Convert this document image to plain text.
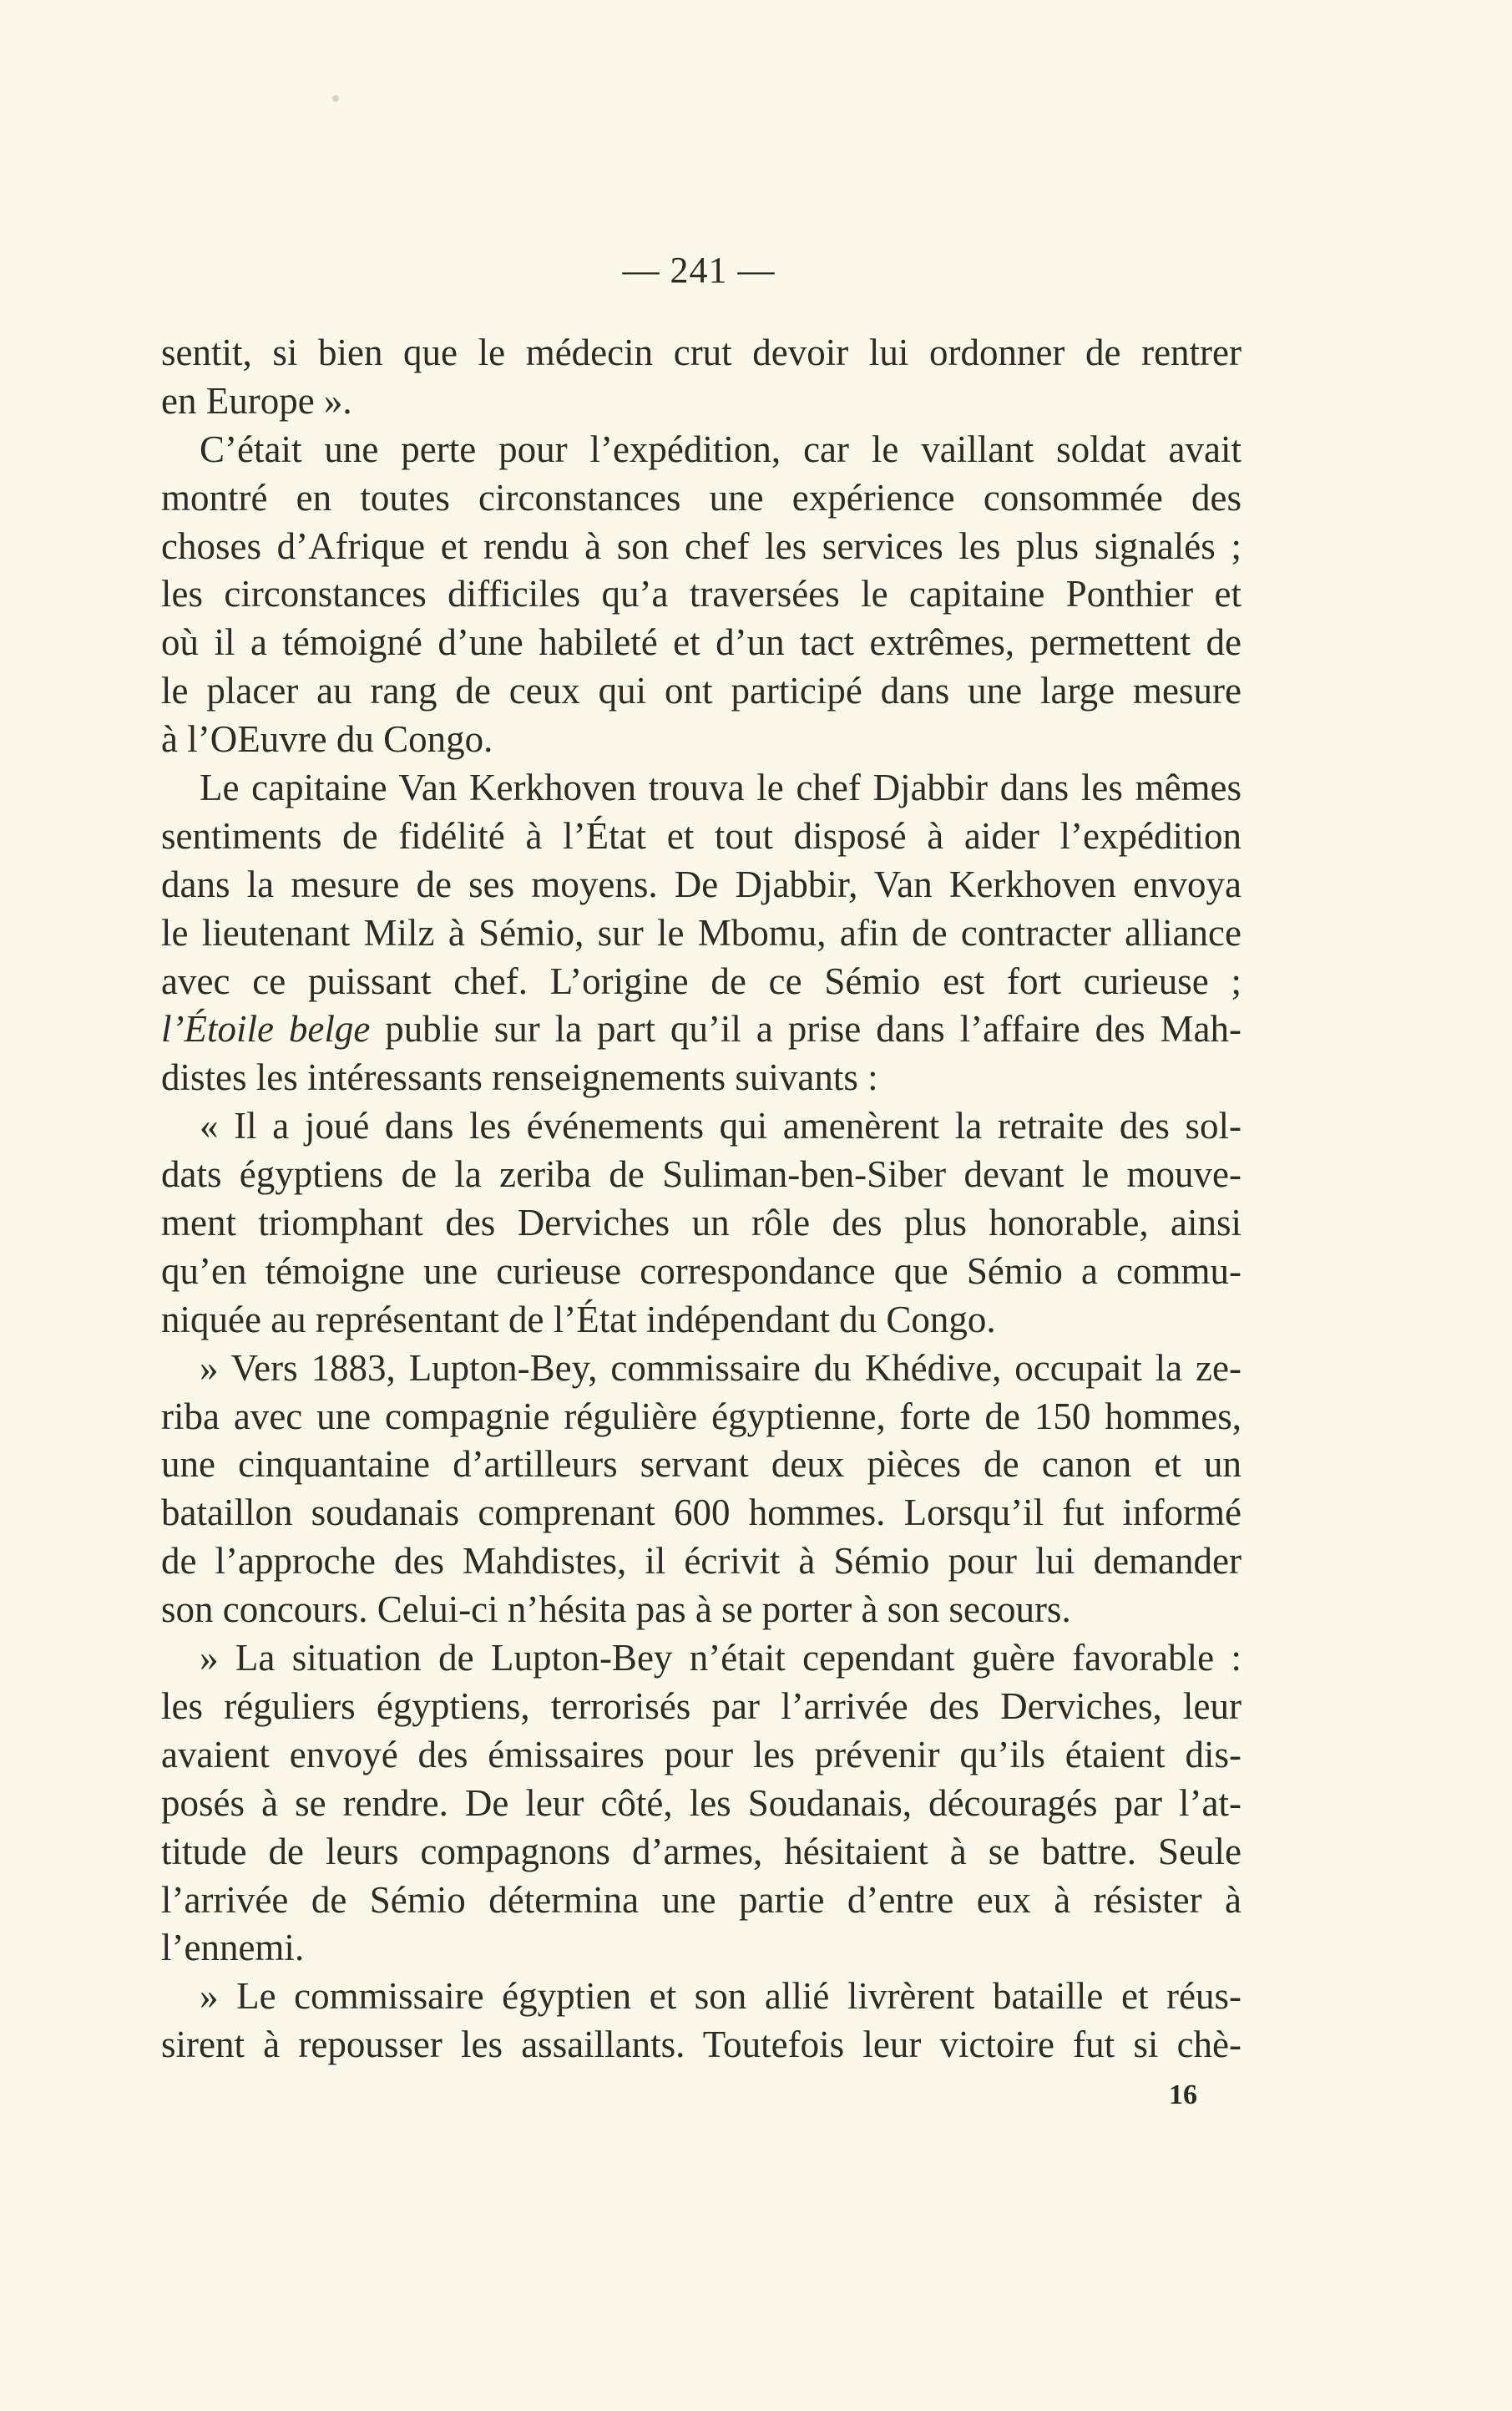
— 241 —
sentit, si bien que le médecin crut devoir lui ordonner de rentrer
en Europe ».
C’était une perte pour l’expédition, car le vaillant soldat avait
montré en toutes circonstances une expérience consommée des
choses d’Afrique et rendu à son chef les services les plus signalés ;
les circonstances difficiles qu’a traversées le capitaine Ponthier et
où il a témoigné d’une habileté et d’un tact extrêmes, permettent de
le placer au rang de ceux qui ont participé dans une large mesure
à l’OEuvre du Congo.
Le capitaine Van Kerkhoven trouva le chef Djabbir dans les mêmes
sentiments de fidélité à l’État et tout disposé à aider l’expédition
dans la mesure de ses moyens. De Djabbir, Van Kerkhoven envoya
le lieutenant Milz à Sémio, sur le Mbomu, afin de contracter alliance
avec ce puissant chef. L’origine de ce Sémio est fort curieuse ;
l’Étoile belge publie sur la part qu’il a prise dans l’affaire des Mah-
distes les intéressants renseignements suivants :
« Il a joué dans les événements qui amenèrent la retraite des sol-
dats égyptiens de la zeriba de Suliman-ben-Siber devant le mouve-
ment triomphant des Derviches un rôle des plus honorable, ainsi
qu’en témoigne une curieuse correspondance que Sémio a commu-
niquée au représentant de l’État indépendant du Congo.
» Vers 1883, Lupton-Bey, commissaire du Khédive, occupait la ze-
riba avec une compagnie régulière égyptienne, forte de 150 hommes,
une cinquantaine d’artilleurs servant deux pièces de canon et un
bataillon soudanais comprenant 600 hommes. Lorsqu’il fut informé
de l’approche des Mahdistes, il écrivit à Sémio pour lui demander
son concours. Celui-ci n’hésita pas à se porter à son secours.
» La situation de Lupton-Bey n’était cependant guère favorable :
les réguliers égyptiens, terrorisés par l’arrivée des Derviches, leur
avaient envoyé des émissaires pour les prévenir qu’ils étaient dis-
posés à se rendre. De leur côté, les Soudanais, découragés par l’at-
titude de leurs compagnons d’armes, hésitaient à se battre. Seule
l’arrivée de Sémio détermina une partie d’entre eux à résister à
l’ennemi.
» Le commissaire égyptien et son allié livrèrent bataille et réus-
sirent à repousser les assaillants. Toutefois leur victoire fut si chè-
16
